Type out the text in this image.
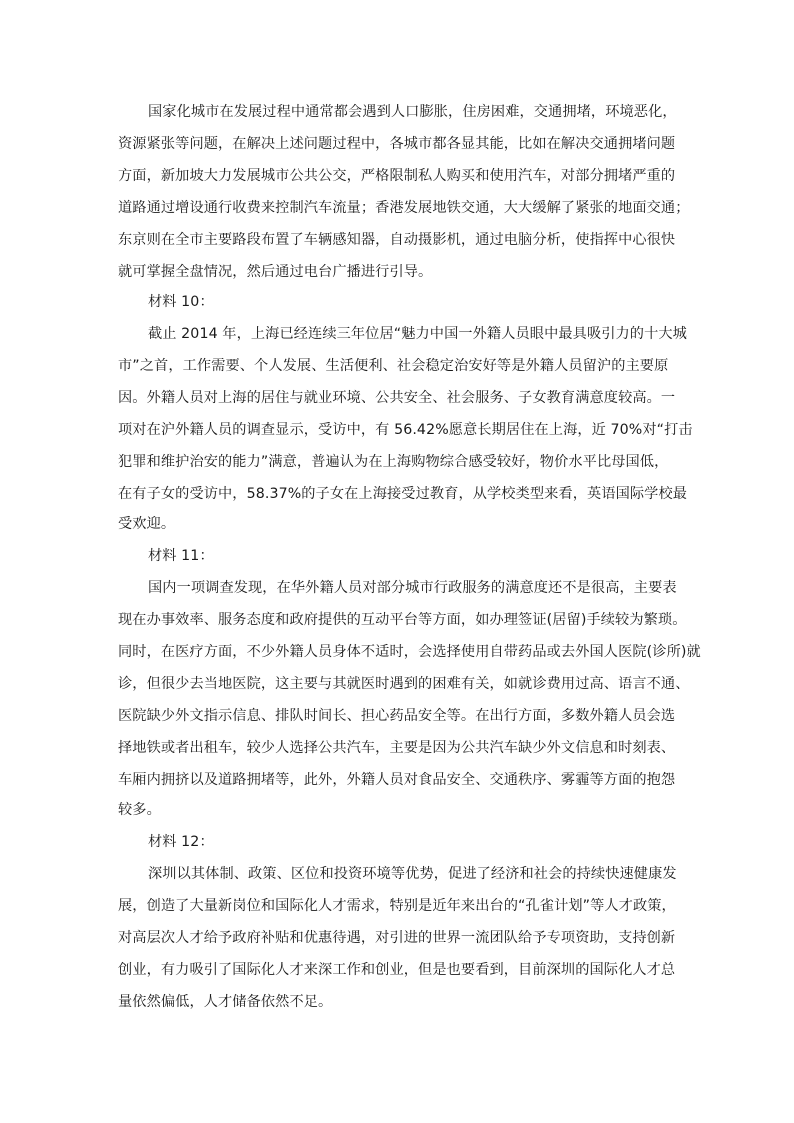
国家化城市在发展过程中通常都会遇到人口膨胀，住房困难，交通拥堵，环境恶化，
资源紧张等问题，在解决上述问题过程中，各城市都各显其能，比如在解决交通拥堵问题
方面，新加坡大力发展城市公共公交，严格限制私人购买和使用汽车，对部分拥堵严重的
道路通过增设通行收费来控制汽车流量；香港发展地铁交通，大大缓解了紧张的地面交通；
东京则在全市主要路段布置了车辆感知器，自动摄影机，通过电脑分析，使指挥中心很快
就可掌握全盘情况，然后通过电台广播进行引导。
材料 10：
截止 2014 年，上海已经连续三年位居“魅力中国一外籍人员眼中最具吸引力的十大城
市”之首，工作需要、个人发展、生活便利、社会稳定治安好等是外籍人员留沪的主要原
因。外籍人员对上海的居住与就业环境、公共安全、社会服务、子女教育满意度较高。一
项对在沪外籍人员的调查显示，受访中，有 56.42%愿意长期居住在上海，近 70%对“打击
犯罪和维护治安的能力”满意，普遍认为在上海购物综合感受较好，物价水平比母国低，
在有子女的受访中，58.37%的子女在上海接受过教育，从学校类型来看，英语国际学校最
受欢迎。
材料 11：
国内一项调查发现，在华外籍人员对部分城市行政服务的满意度还不是很高，主要表
现在办事效率、服务态度和政府提供的互动平台等方面，如办理签证(居留)手续较为繁琐。
同时，在医疗方面，不少外籍人员身体不适时，会选择使用自带药品或去外国人医院(诊所)就
诊，但很少去当地医院，这主要与其就医时遇到的困难有关，如就诊费用过高、语言不通、
医院缺少外文指示信息、排队时间长、担心药品安全等。在出行方面，多数外籍人员会选
择地铁或者出租车，较少人选择公共汽车，主要是因为公共汽车缺少外文信息和时刻表、
车厢内拥挤以及道路拥堵等，此外，外籍人员对食品安全、交通秩序、雾霾等方面的抱怨
较多。
材料 12：
深圳以其体制、政策、区位和投资环境等优势，促进了经济和社会的持续快速健康发
展，创造了大量新岗位和国际化人才需求，特别是近年来出台的“孔雀计划”等人才政策，
对高层次人才给予政府补贴和优惠待遇，对引进的世界一流团队给予专项资助，支持创新
创业，有力吸引了国际化人才来深工作和创业，但是也要看到，目前深圳的国际化人才总
量依然偏低，人才储备依然不足。
